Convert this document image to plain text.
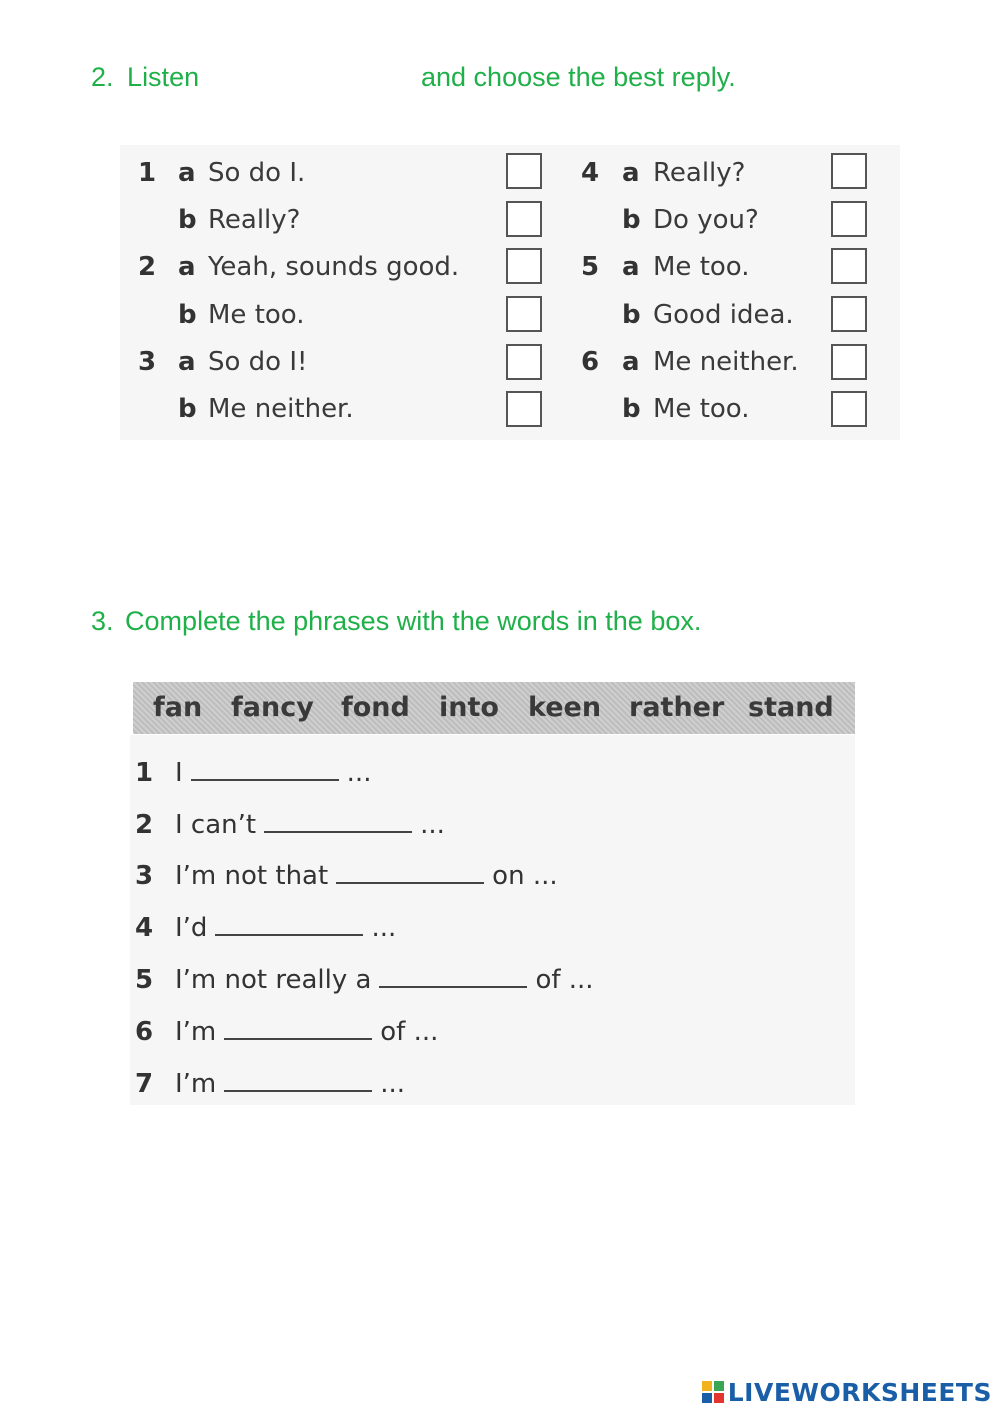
2. Listen	and choose the best reply.
1 a So do I.
b Really?
2 a Yeah, sounds good.
b Me too.
3 a So do I!
b Me neither.
4 a Really?
b Do you?
5 a Me too.
b Good idea.
6 a Me neither.
b Me too.
3. Complete the phrases with the words in the box.
fan fancy fond into keen rather stand
1 I	...
2 I can’t	...
3 I’m not that	on ...
4 I’d	...
5 I’m not really a	of ...
6 I’m	of ...
7 I’m	...
LIVEWORKSHEETS
